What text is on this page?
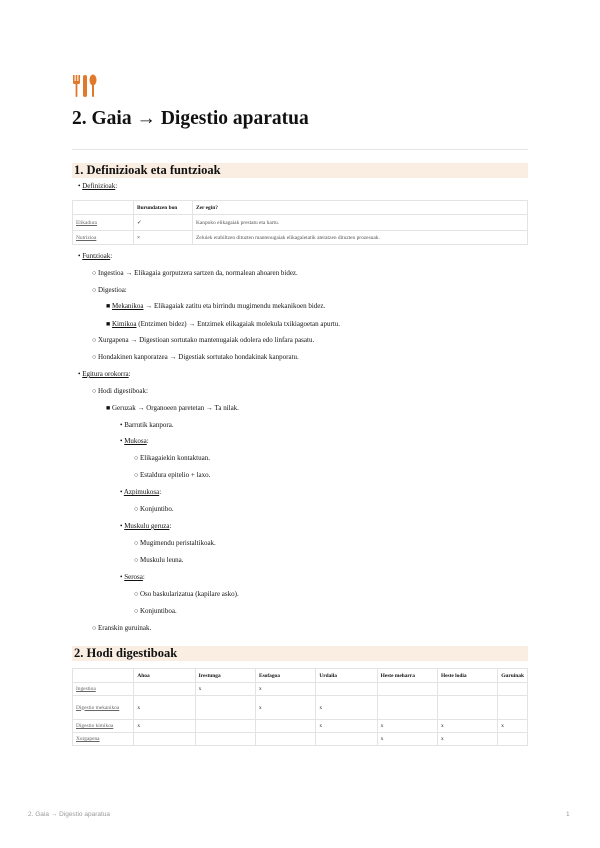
2. Gaia → Digestio aparatua
1. Definizioak eta funtzioak
• Definizioak:
	Burundatzen bon	Zer egin?
Elikadura	✓	Kanpoko elikagaiak prestatu eta hartu.
Nutrizioa	×	Zeluiek erabiltzen dituzten mantenugaiak elikagaietatik ateratzen dituzten prozesuak.
• Funtzioak:
○ Ingestioa → Elikagaia gorputzera sartzen da, normalean ahoaren bidez.
○ Digestioa:
■ Mekanikoa → Elikagaiak zatitu eta birrindu mugimendu mekanikoen bidez.
■ Kimikoa (Entzimen bidez) → Entzimek elikagaiak molekula txikiagoetan apurtu.
○ Xurgapena → Digestioan sortutako mantenugaiak odolera edo linfara pasatu.
○ Hondakinen kanporatzea → Digestiak sortutako hondakinak kanporatu.
• Egitura orokorra:
○ Hodi digestiboak:
■ Geruzak → Organoeen paretetan → Ta nilak.
• Barrutik kanpora.
• Mukosa:
○ Elikagaiekin kontaktuan.
○ Estaldura epitelio + laxo.
• Azpimukosa:
○ Konjuntibo.
• Muskulu geruza:
○ Mugimendu peristaltikoak.
○ Muskulu leuna.
• Serosa:
○ Oso baskularizatua (kapilare asko).
○ Konjuntiboa.
○ Eranskin guruinak.
2. Hodi digestiboak
	Ahoa	Irestunga	Esofagoa	Urdaila	Heste meharra	Heste lodia	Guruinak
Ingestioa		x	x				
Digestio mekanikoa	x		x	x			
Digestio kimikoa	x			x	x	x	x
Xurgapena					x	x	
2. Gaia → Digestio aparatua	1
